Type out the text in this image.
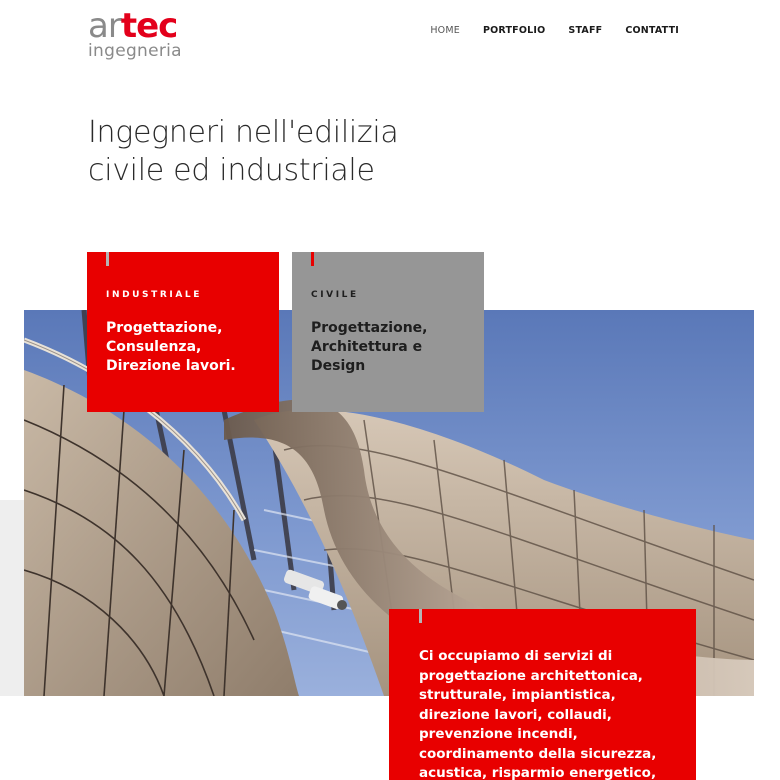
artec
ingegneria
HOME PORTFOLIO STAFF CONTATTI
Ingegneri nell'edilizia
civile ed industriale
INDUSTRIALE
Progettazione, Consulenza, Direzione lavori.
CIVILE
Progettazione, Architettura e Design
Ci occupiamo di servizi di progettazione architettonica, strutturale, impiantistica, direzione lavori, collaudi, prevenzione incendi, coordinamento della sicurezza, acustica, risparmio energetico,
